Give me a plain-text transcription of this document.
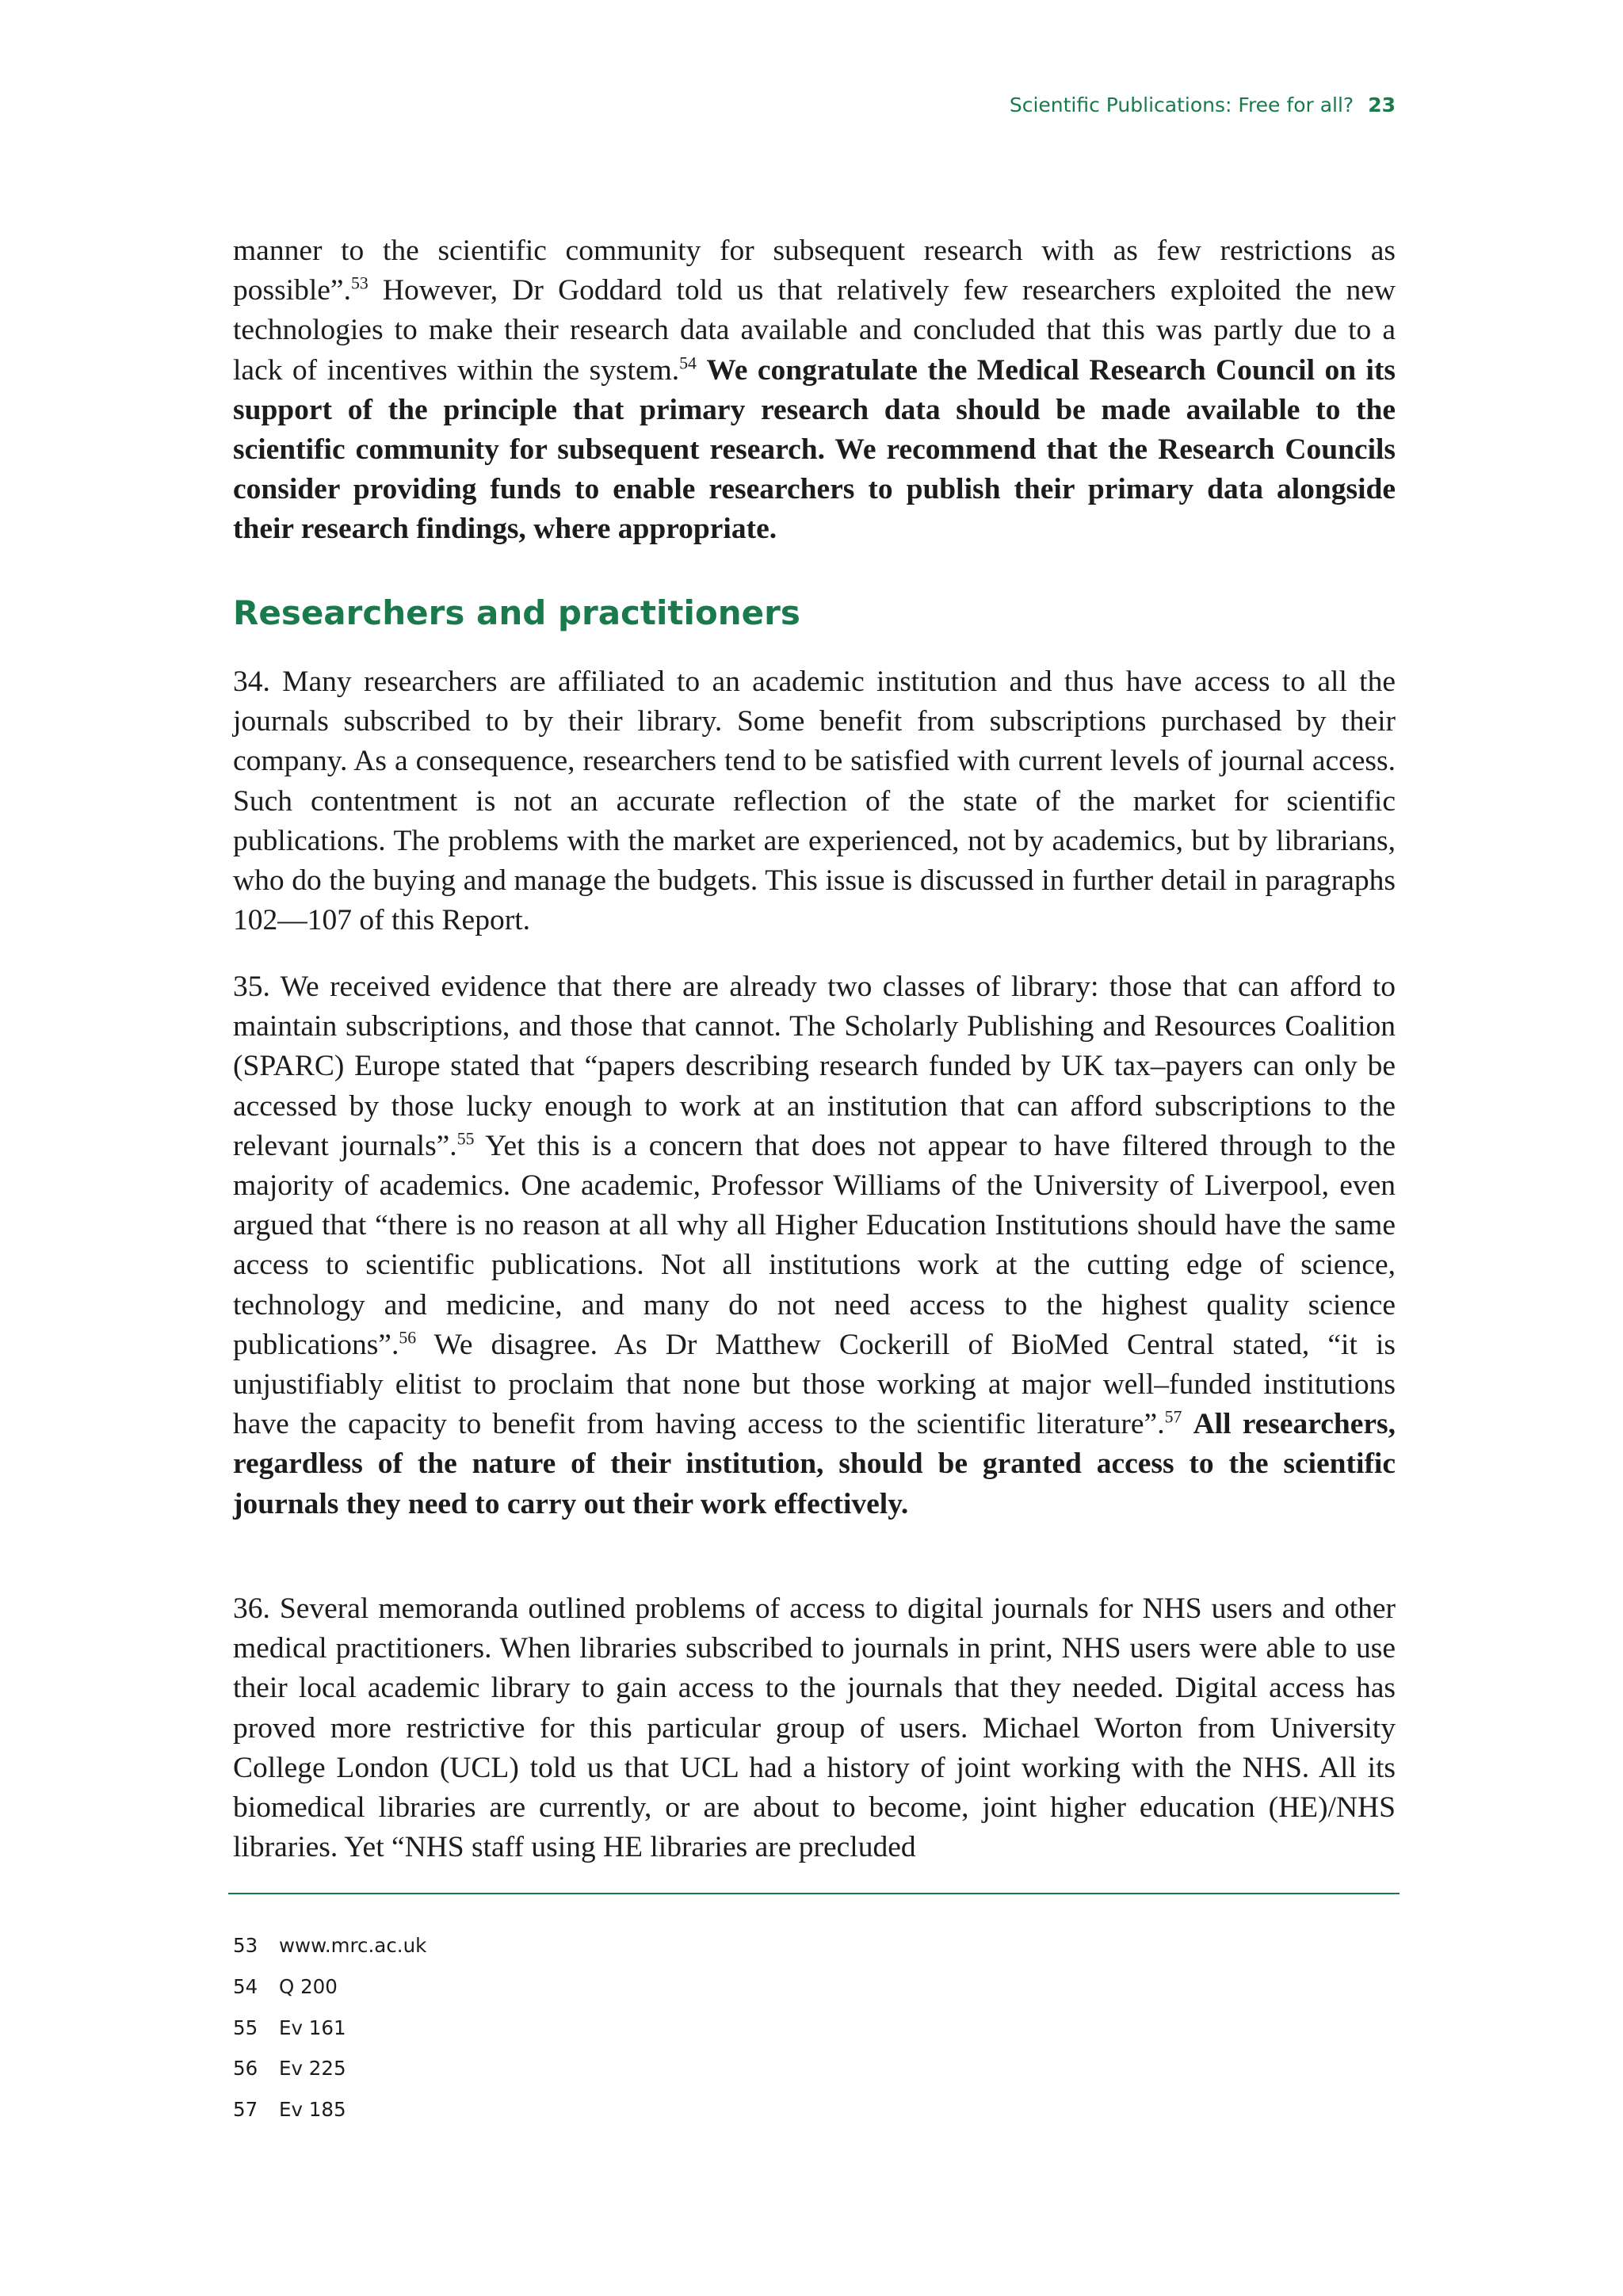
Scientific Publications: Free for all? 23

manner to the scientific community for subsequent research with as few restrictions as possible”.$^{53}$ However, Dr Goddard told us that relatively few researchers exploited the new technologies to make their research data available and concluded that this was partly due to a lack of incentives within the system.$^{54}$ We congratulate the Medical Research Council on its support of the principle that primary research data should be made available to the scientific community for subsequent research. We recommend that the Research Councils consider providing funds to enable researchers to publish their primary data alongside their research findings, where appropriate.

Researchers and practitioners

34. Many researchers are affiliated to an academic institution and thus have access to all the journals subscribed to by their library. Some benefit from subscriptions purchased by their company. As a consequence, researchers tend to be satisfied with current levels of journal access. Such contentment is not an accurate reflection of the state of the market for scientific publications. The problems with the market are experienced, not by academics, but by librarians, who do the buying and manage the budgets. This issue is discussed in further detail in paragraphs 102—107 of this Report.

35. We received evidence that there are already two classes of library: those that can afford to maintain subscriptions, and those that cannot. The Scholarly Publishing and Resources Coalition (SPARC) Europe stated that “papers describing research funded by UK tax–payers can only be accessed by those lucky enough to work at an institution that can afford subscriptions to the relevant journals”.$^{55}$ Yet this is a concern that does not appear to have filtered through to the majority of academics. One academic, Professor Williams of the University of Liverpool, even argued that “there is no reason at all why all Higher Education Institutions should have the same access to scientific publications. Not all institutions work at the cutting edge of science, technology and medicine, and many do not need access to the highest quality science publications”.$^{56}$ We disagree. As Dr Matthew Cockerill of BioMed Central stated, “it is unjustifiably elitist to proclaim that none but those working at major well–funded institutions have the capacity to benefit from having access to the scientific literature”.$^{57}$ All researchers, regardless of the nature of their institution, should be granted access to the scientific journals they need to carry out their work effectively.

36. Several memoranda outlined problems of access to digital journals for NHS users and other medical practitioners. When libraries subscribed to journals in print, NHS users were able to use their local academic library to gain access to the journals that they needed. Digital access has proved more restrictive for this particular group of users. Michael Worton from University College London (UCL) told us that UCL had a history of joint working with the NHS. All its biomedical libraries are currently, or are about to become, joint higher education (HE)/NHS libraries. Yet “NHS staff using HE libraries are precluded

53 www.mrc.ac.uk
54 Q 200
55 Ev 161
56 Ev 225
57 Ev 185
